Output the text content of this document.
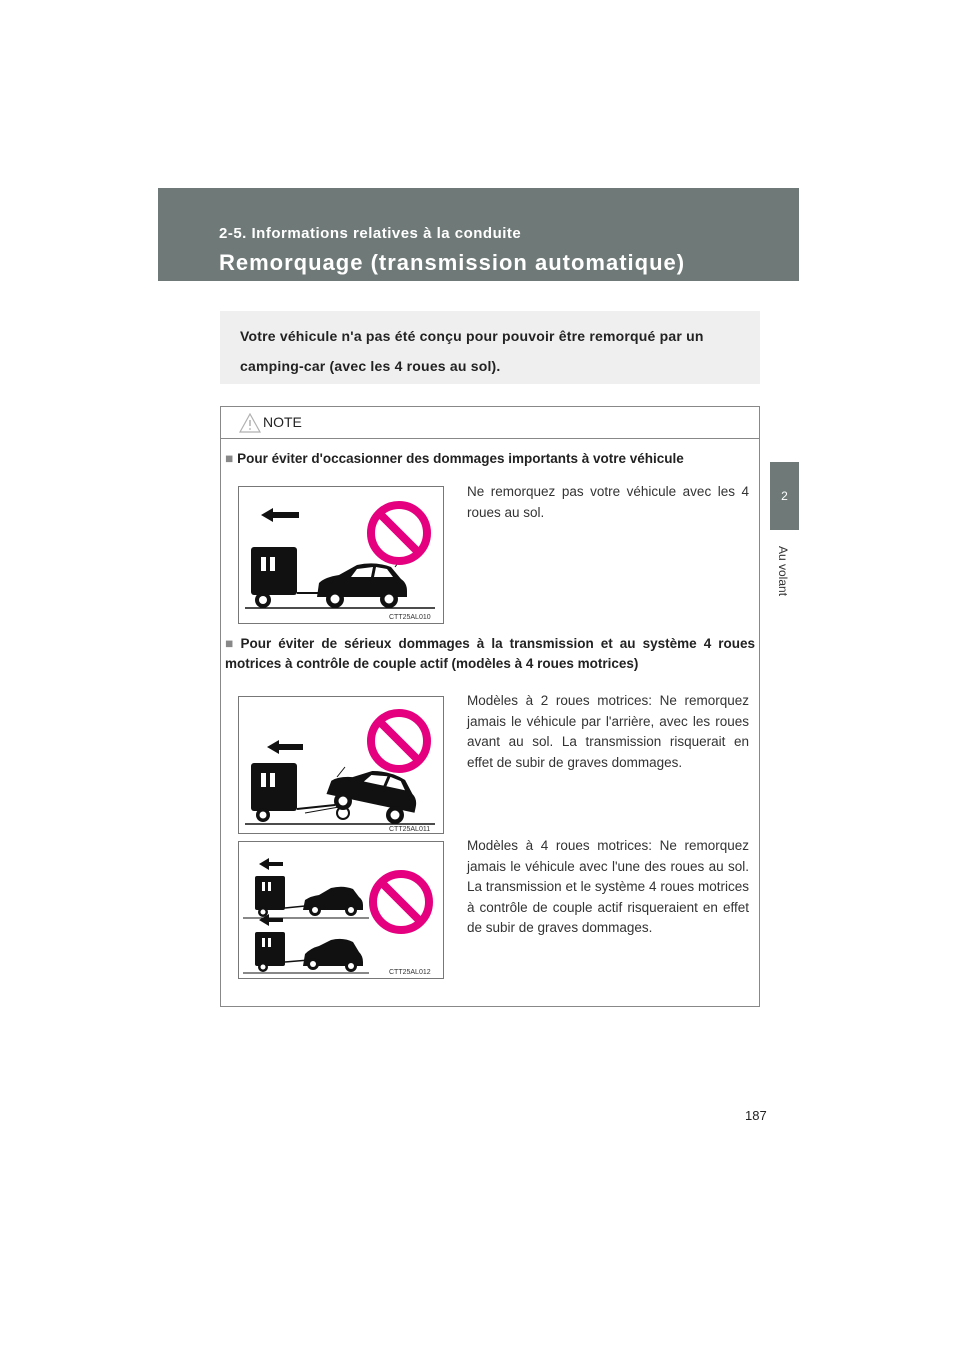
2-5. Informations relatives à la conduite
Remorquage (transmission automatique)
2
Au volant
Votre véhicule n'a pas été conçu pour pouvoir être remorqué par un camping-car (avec les 4 roues au sol).
NOTE
■ Pour éviter d'occasionner des dommages importants à votre véhicule
CTT25AL010
Ne remorquez pas votre véhicule avec les 4 roues au sol.
■ Pour éviter de sérieux dommages à la transmission et au système 4 roues motrices à contrôle de couple actif (modèles à 4 roues motrices)
CTT25AL011
Modèles à 2 roues motrices: Ne remorquez jamais le véhicule par l'arrière, avec les roues avant au sol. La transmission risquerait en effet de subir de graves dommages.
CTT25AL012
Modèles à 4 roues motrices: Ne remorquez jamais le véhicule avec l'une des roues au sol. La transmission et le système 4 roues motrices à contrôle de couple actif risqueraient en effet de subir de graves dommages.
187
